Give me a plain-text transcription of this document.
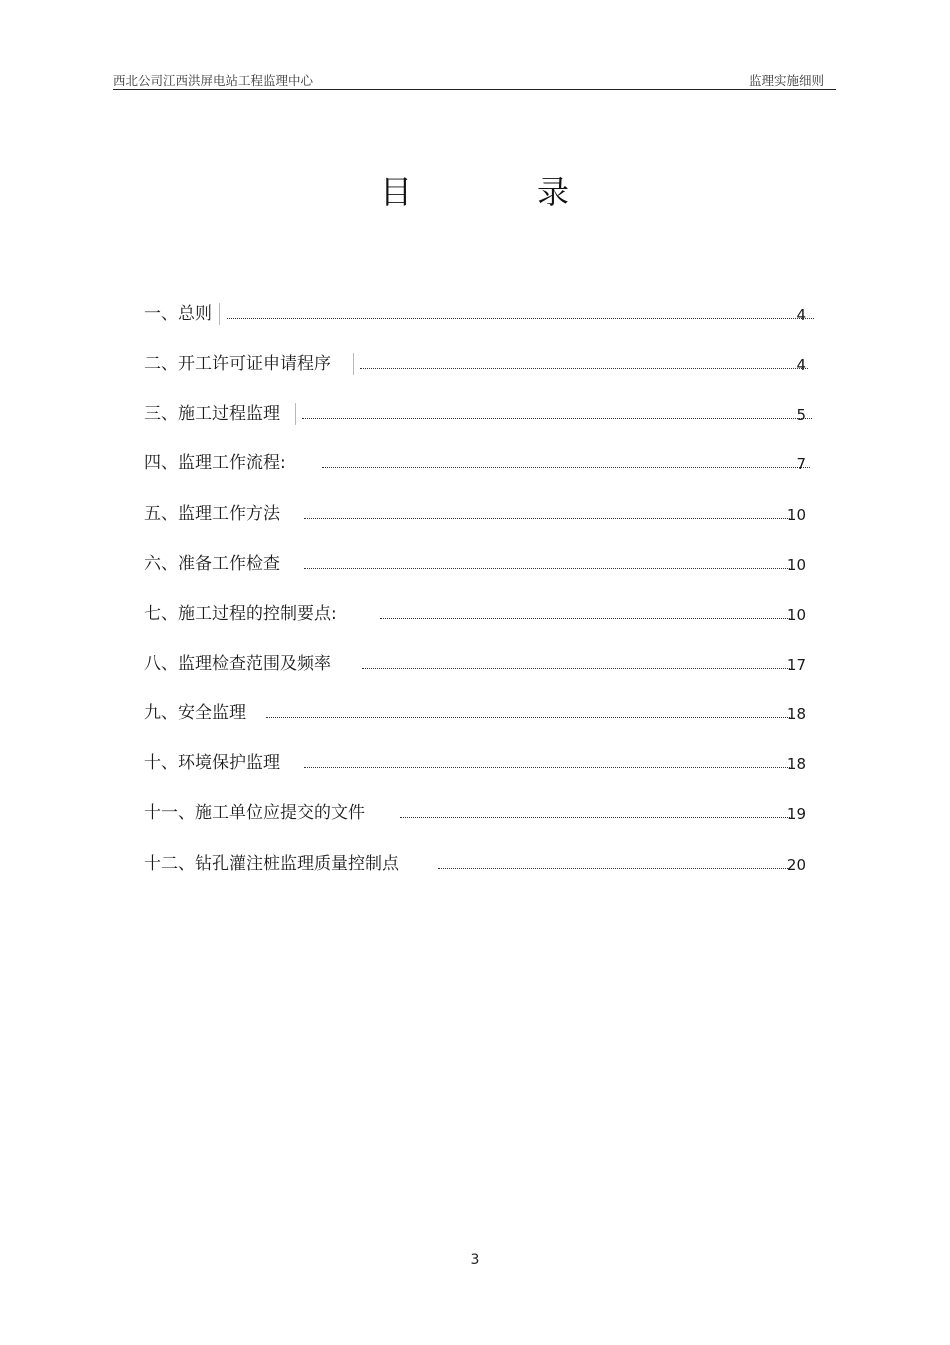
西北公司江西洪屏电站工程监理中心	监理实施细则
目	录
一、总则	4
二、开工许可证申请程序	4
三、施工过程监理	5
四、监理工作流程:	7
五、监理工作方法	10
六、准备工作检查	10
七、施工过程的控制要点:	10
八、监理检查范围及频率	17
九、安全监理	18
十、环境保护监理	18
十一、施工单位应提交的文件	19
十二、钻孔灌注桩监理质量控制点	20
3
